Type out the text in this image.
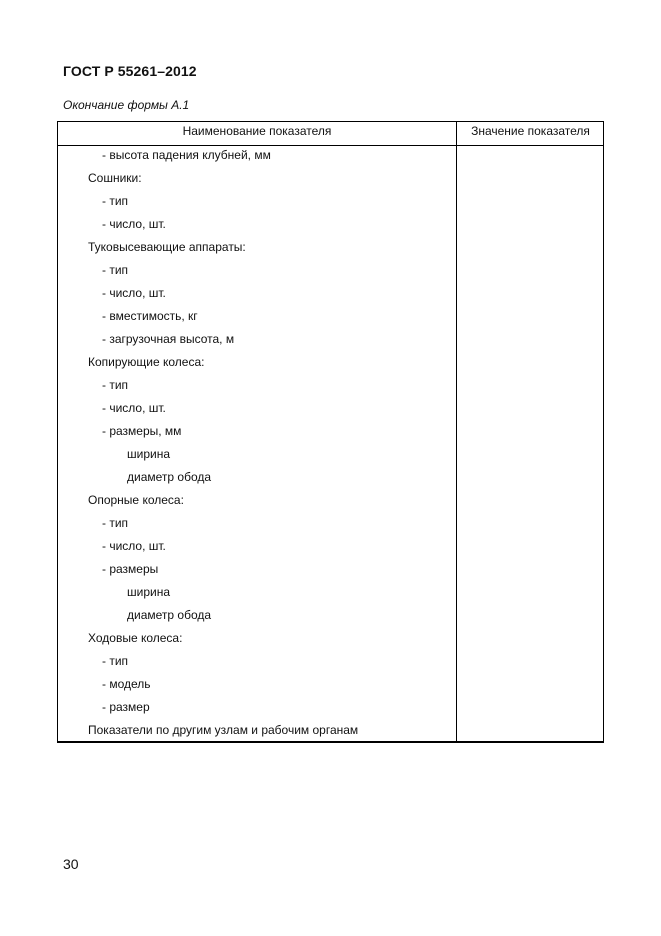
ГОСТ Р 55261–2012
Окончание формы А.1
Наименование показателя	Значение показателя
- высота падения клубней, мм
Сошники:
- тип
- число, шт.
Туковысевающие аппараты:
- тип
- число, шт.
- вместимость, кг
- загрузочная высота, м
Копирующие колеса:
- тип
- число, шт.
- размеры, мм
ширина
диаметр обода
Опорные колеса:
- тип
- число, шт.
- размеры
ширина
диаметр обода
Ходовые колеса:
- тип
- модель
- размер
Показатели по другим узлам и рабочим органам
30
